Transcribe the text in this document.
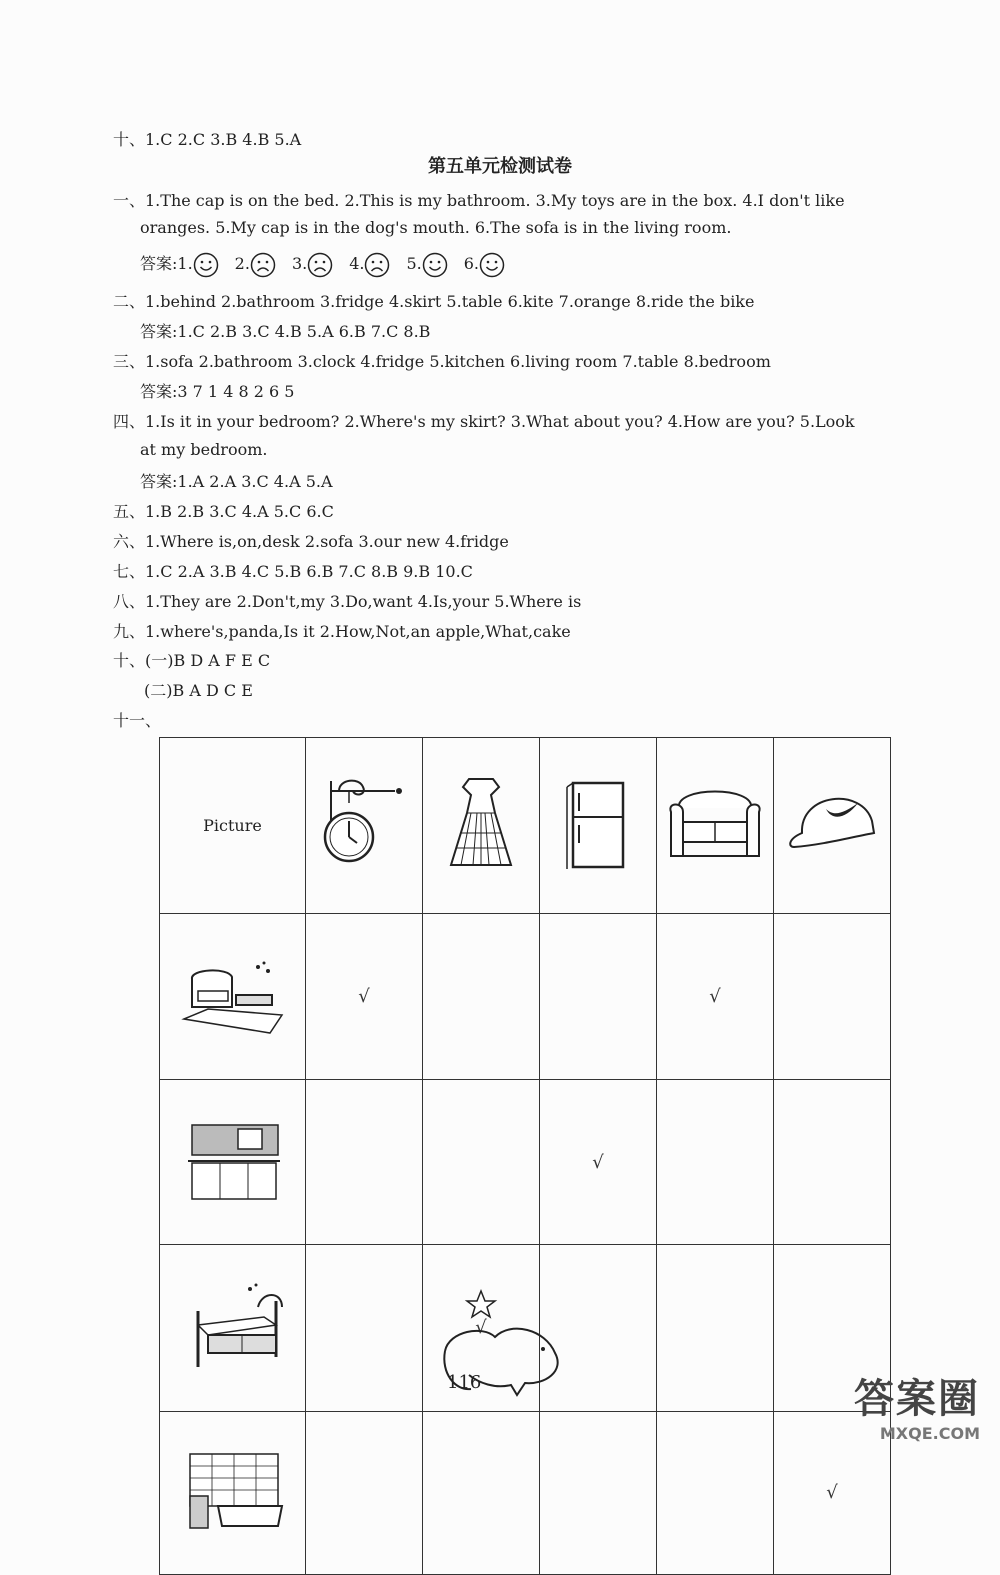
十、1.C 2.C 3.B 4.B 5.A
第五单元检测试卷
一、1.The cap is on the bed. 2.This is my bathroom. 3.My toys are in the box. 4.I don't like
oranges. 5.My cap is in the dog's mouth. 6.The sofa is in the living room.
答案:1.	2.	3.	4.	5.	6.
二、1.behind 2.bathroom 3.fridge 4.skirt 5.table 6.kite 7.orange 8.ride the bike
答案:1.C 2.B 3.C 4.B 5.A 6.B 7.C 8.B
三、1.sofa 2.bathroom 3.clock 4.fridge 5.kitchen 6.living room 7.table 8.bedroom
答案:3 7 1 4 8 2 6 5
四、1.Is it in your bedroom? 2.Where's my skirt? 3.What about you? 4.How are you? 5.Look
at my bedroom.
答案:1.A 2.A 3.C 4.A 5.A
五、1.B 2.B 3.C 4.A 5.C 6.C
六、1.Where is,on,desk 2.sofa 3.our new 4.fridge
七、1.C 2.A 3.B 4.C 5.B 6.B 7.C 8.B 9.B 10.C
八、1.They are 2.Don't,my 3.Do,want 4.Is,your 5.Where is
九、1.where's,panda,Is it 2.How,Not,an apple,What,cake
十、(一)B D A F E C
(二)B A D C E
十一、
Picture					
	√			√	
			√		
		√			
					√
116	答案圈
MXQE.COM
